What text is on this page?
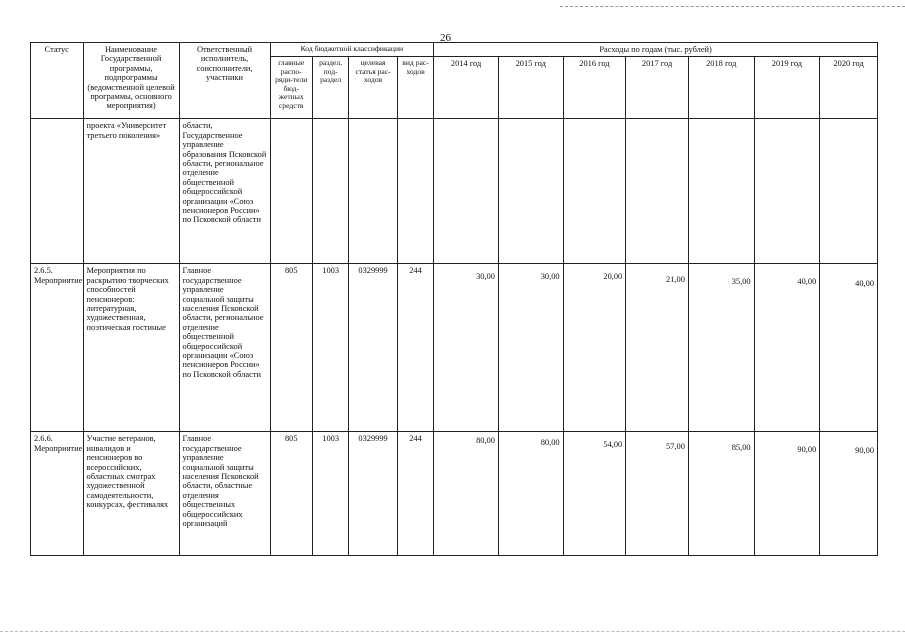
26
Статус	Наименование Государственной программы, подпрограммы (ведомственной целевой программы, основного мероприятия)	Ответственный исполнитель, соисполнители, участники	Код бюджетной классификации				Расходы по годам (тыс. рублей)						
			главные распо-ряди-тели бюд-жетных средств	раздел, под-раздел	целевая статья рас-ходов	вид рас-ходов	2014 год	2015 год	2016 год	2017 год	2018 год	2019 год	2020 год
	проекта «Университет третьего поколения»	области, Государственное управление образования Псковской области, региональное отделение общественной общероссийской организации «Союз пенсионеров России» по Псковской области											
2.6.5. Мероприятие	Мероприятия по раскрытию творческих способностей пенсионеров: литературная, художественная, поэтическая гостиные	Главное государственное управление социальной защиты населения Псковской области, региональное отделение общественной общероссийской организации «Союз пенсионеров России» по Псковской области	805	1003	0329999	244	30,00	30,00	20,00	21,00	35,00	40,00	40,00
2.6.6. Мероприятие	Участие ветеранов, инвалидов и пенсионеров во всероссийских, областных смотрах художественной самодеятельности, конкурсах, фестивалях	Главное государственное управление социальной защиты населения Псковской области, областные отделения общественных общероссийских организаций	805	1003	0329999	244	80,00	80,00	54,00	57,00	85,00	90,00	90,00
